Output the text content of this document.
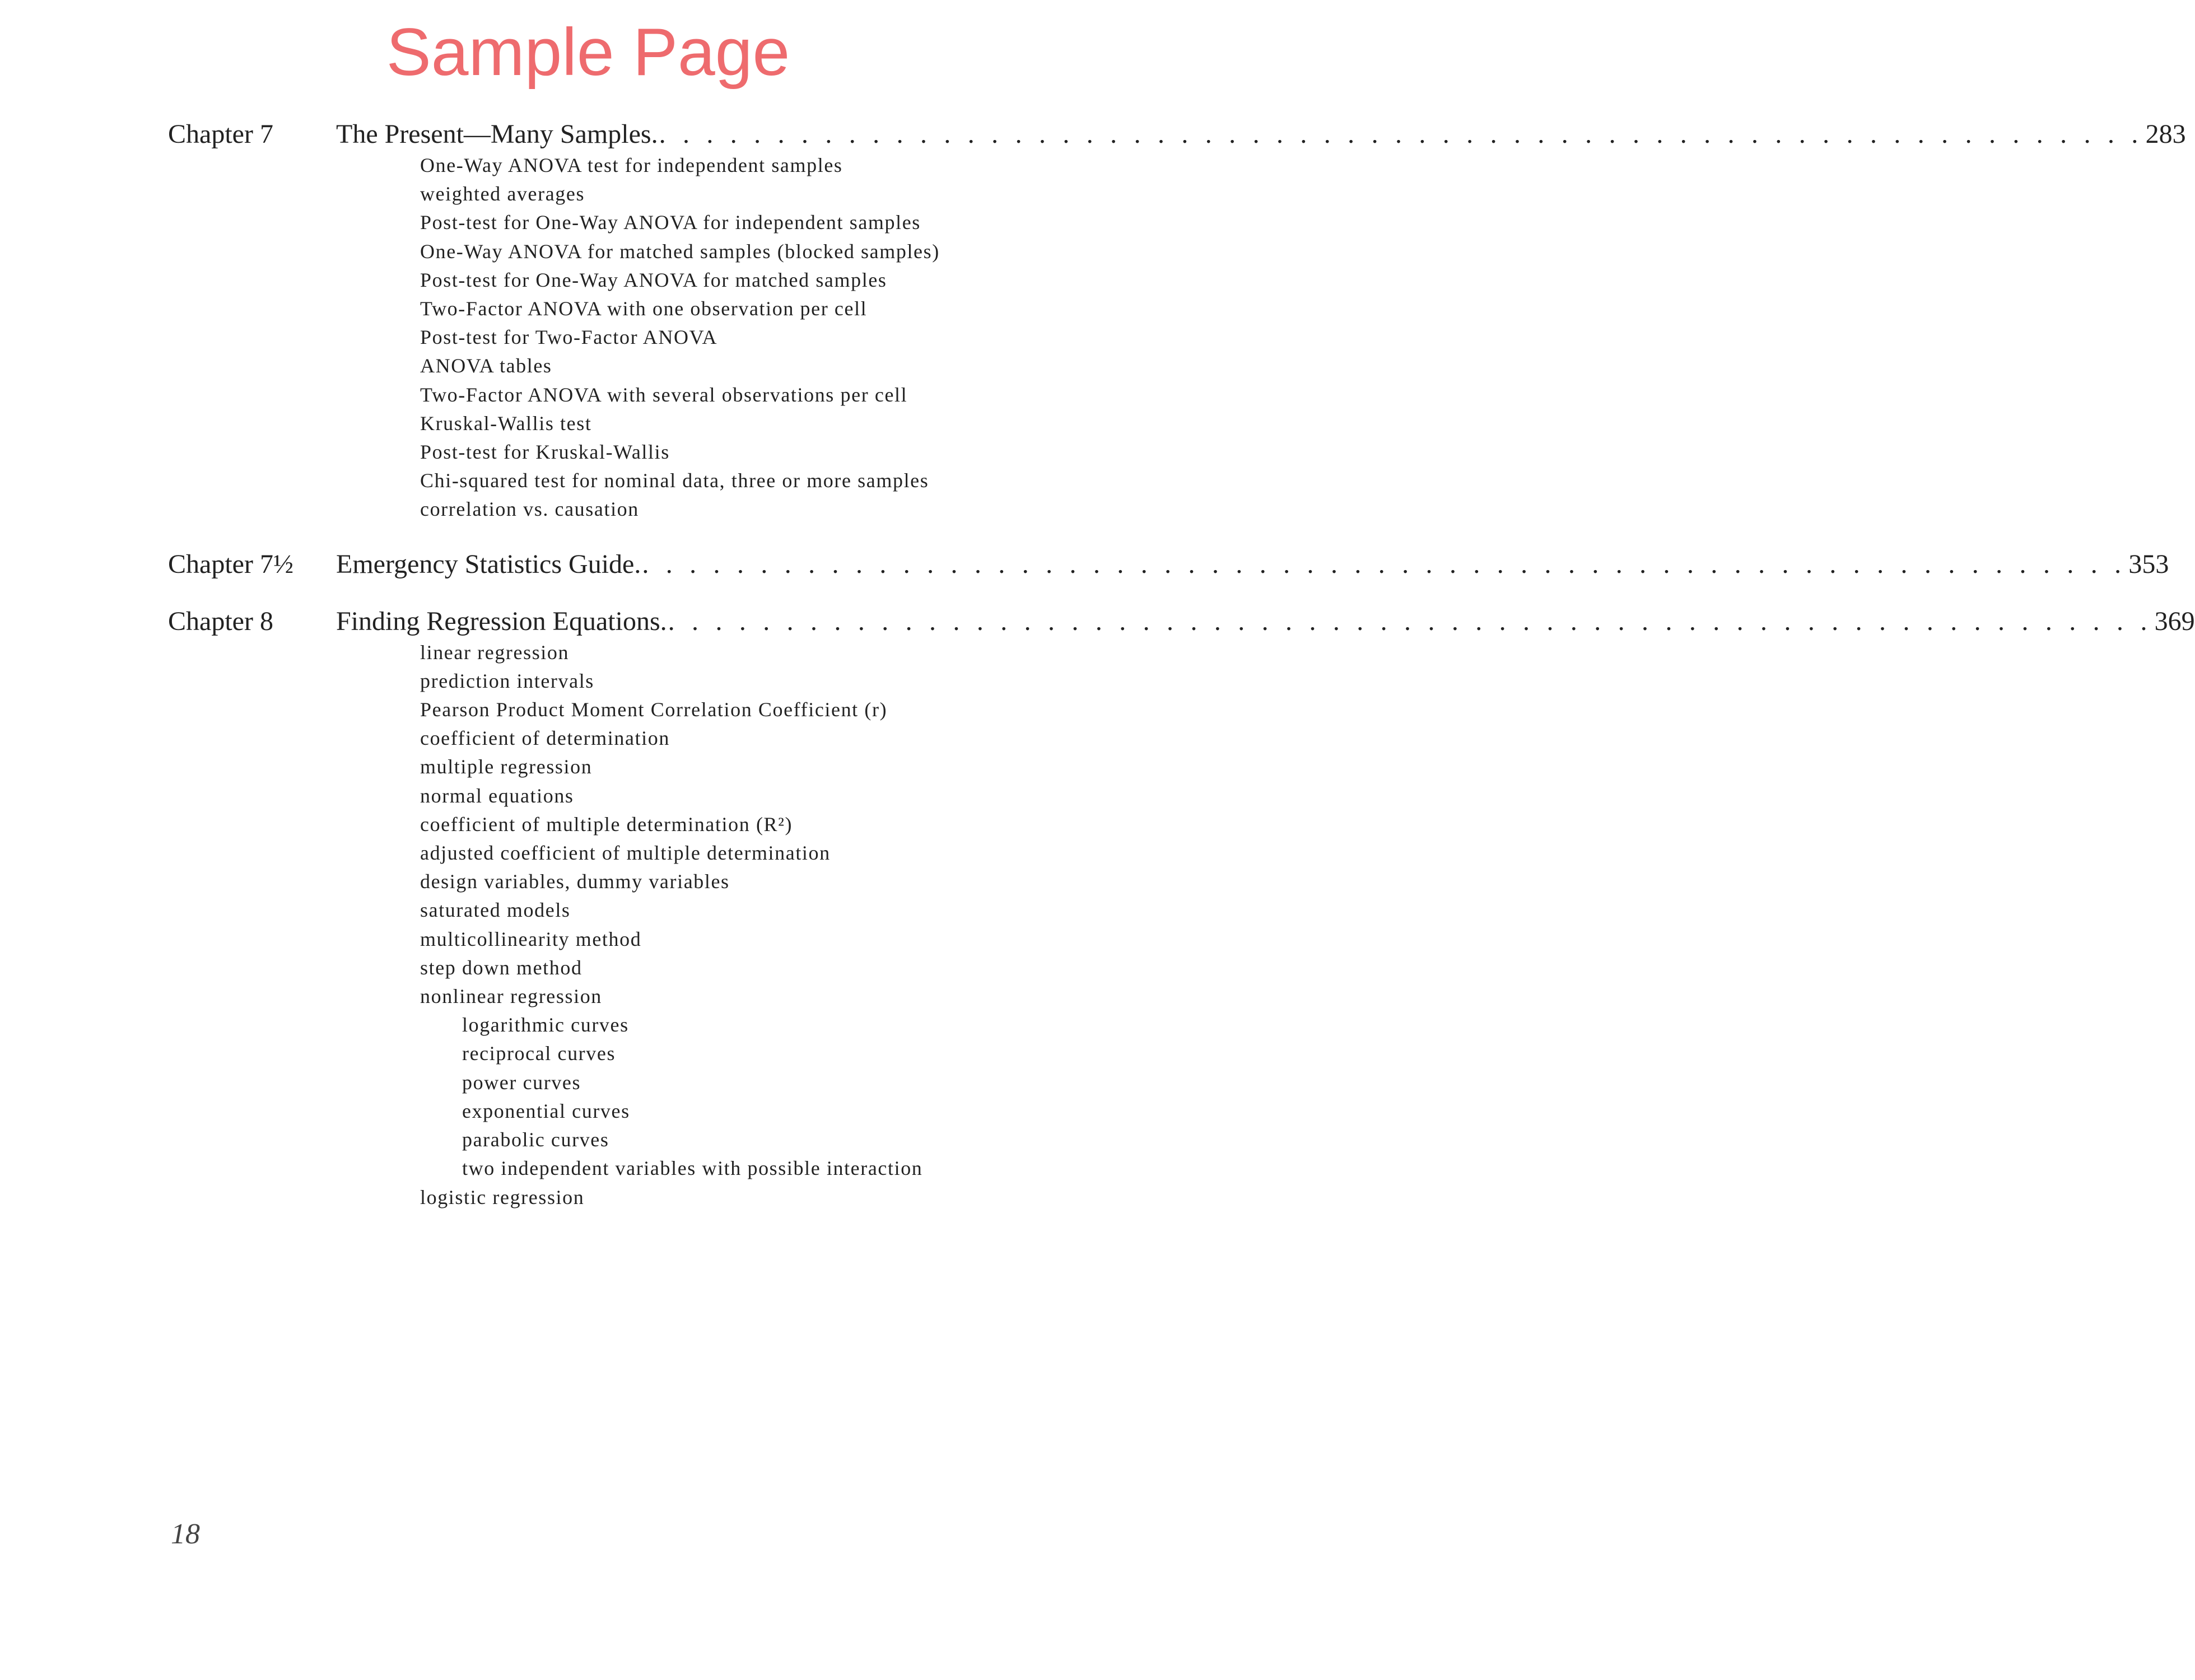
Sample Page
Chapter 7	The Present—Many Samples. . . . . . . . . . . . . . . . . . . . . . . . . . . . . . . . . . . . . . . . . . . . . . . . . . . . . . . . . . . . . . . . 283
One-Way ANOVA test for independent samples
weighted averages
Post-test for One-Way ANOVA for independent samples
One-Way ANOVA for matched samples (blocked samples)
Post-test for One-Way ANOVA for matched samples
Two-Factor ANOVA with one observation per cell
Post-test for Two-Factor ANOVA
ANOVA tables
Two-Factor ANOVA with several observations per cell
Kruskal-Wallis test
Post-test for Kruskal-Wallis
Chi-squared test for nominal data, three or more samples
correlation vs. causation
Chapter 7½	Emergency Statistics Guide. . . . . . . . . . . . . . . . . . . . . . . . . . . . . . . . . . . . . . . . . . . . . . . . . . . . . . . . . . . . . . . . 353
Chapter 8	Finding Regression Equations. . . . . . . . . . . . . . . . . . . . . . . . . . . . . . . . . . . . . . . . . . . . . . . . . . . . . . . . . . . . . . . . 369
linear regression
prediction intervals
Pearson Product Moment Correlation Coefficient (r)
coefficient of determination
multiple regression
normal equations
coefficient of multiple determination (R²)
adjusted coefficient of multiple determination
design variables, dummy variables
saturated models
multicollinearity method
step down method
nonlinear regression
logarithmic curves
reciprocal curves
power curves
exponential curves
parabolic curves
two independent variables with possible interaction
logistic regression

18
